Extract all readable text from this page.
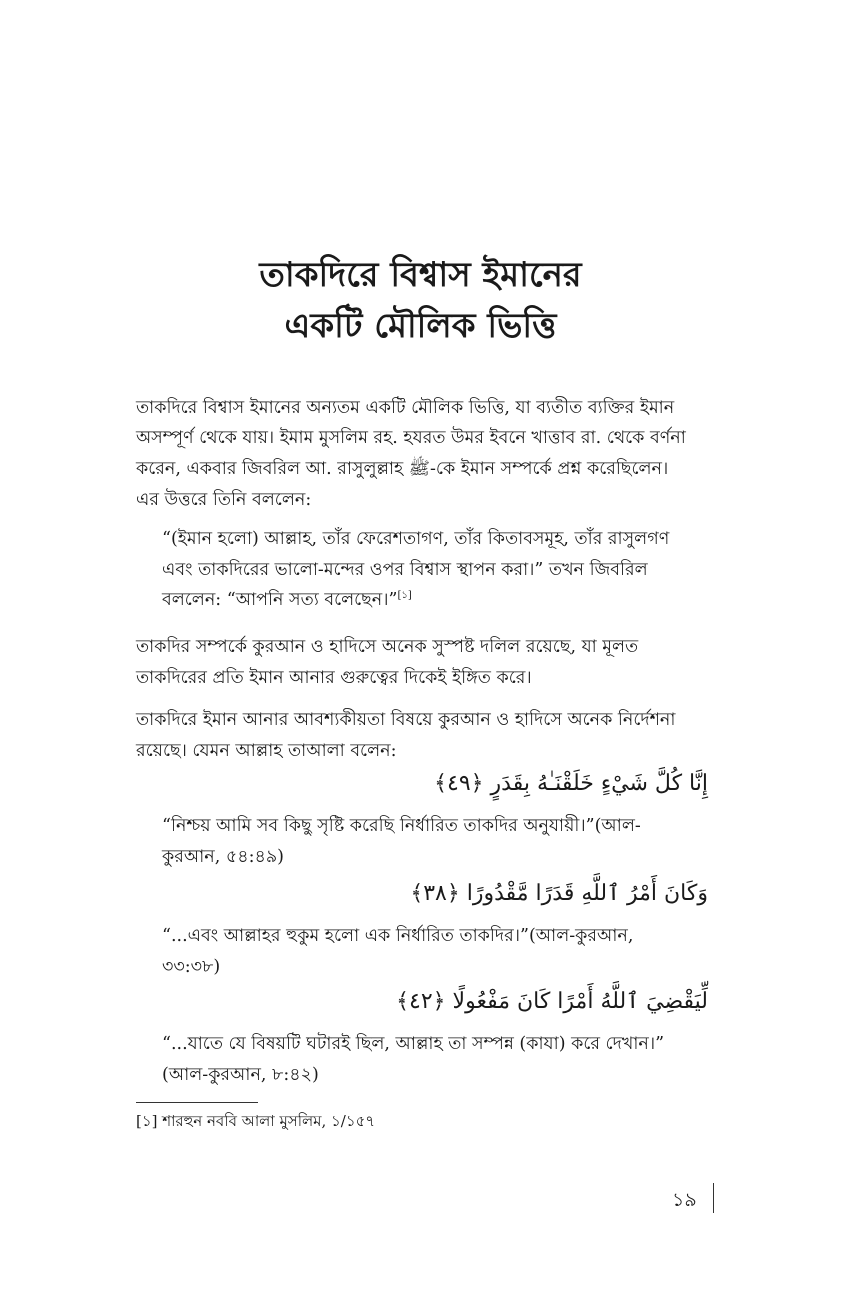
তাকদিরে বিশ্বাস ইমানের
একটি মৌলিক ভিত্তি

তাকদিরে বিশ্বাস ইমানের অন্যতম একটি মৌলিক ভিত্তি, যা ব্যতীত ব্যক্তির ইমান

অসম্পূর্ণ থেকে যায়। ইমাম মুসলিম রহ. হযরত উমর ইবনে খাত্তাব রা. থেকে বর্ণনা

করেন, একবার জিবরিল আ. রাসুলুল্লাহ ﷺ-কে ইমান সম্পর্কে প্রশ্ন করেছিলেন।

এর উত্তরে তিনি বললেন:

“(ইমান হলো) আল্লাহ, তাঁর ফেরেশতাগণ, তাঁর কিতাবসমূহ, তাঁর রাসুলগণ

এবং তাকদিরের ভালো-মন্দের ওপর বিশ্বাস স্থাপন করা।” তখন জিবরিল

বললেন: “আপনি সত্য বলেছেন।”[১]

তাকদির সম্পর্কে কুরআন ও হাদিসে অনেক সুস্পষ্ট দলিল রয়েছে, যা মূলত

তাকদিরের প্রতি ইমান আনার গুরুত্বের দিকেই ইঙ্গিত করে।

তাকদিরে ইমান আনার আবশ্যকীয়তা বিষয়ে কুরআন ও হাদিসে অনেক নির্দেশনা

রয়েছে। যেমন আল্লাহ তাআলা বলেন:

إِنَّا كُلَّ شَيْءٍ خَلَقْنَـٰهُ بِقَدَرٍ ﴿٤٩﴾

“নিশ্চয় আমি সব কিছু সৃষ্টি করেছি নির্ধারিত তাকদির অনুযায়ী।”(আল-

কুরআন, ৫৪:৪৯)

وَكَانَ أَمْرُ ٱللَّهِ قَدَرًا مَّقْدُورًا ﴿٣٨﴾

“...এবং আল্লাহর হুকুম হলো এক নির্ধারিত তাকদির।”(আল-কুরআন,

৩৩:৩৮)

لِّيَقْضِيَ ٱللَّهُ أَمْرًا كَانَ مَفْعُولًا ﴿٤٢﴾

“...যাতে যে বিষয়টি ঘটারই ছিল, আল্লাহ তা সম্পন্ন (কাযা) করে দেখান।”

(আল-কুরআন, ৮:৪২)

[১] শারহুন নববি আলা মুসলিম, ১/১৫৭

১৯
